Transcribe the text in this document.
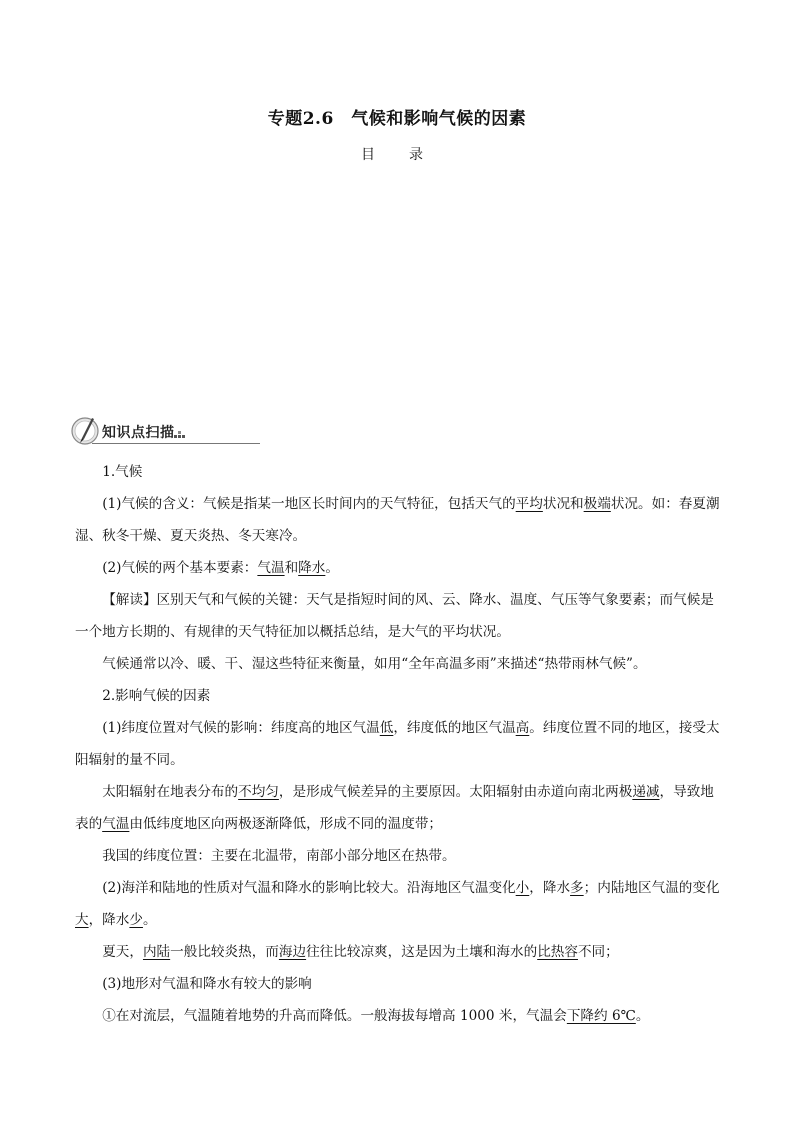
专题2.6　气候和影响气候的因素
目　录
知识点扫描

1.气候

(1)气候的含义：气候是指某一地区长时间内的天气特征，包括天气的平均状况和极端状况。如：春夏潮湿、秋冬干燥、夏天炎热、冬天寒冷。

(2)气候的两个基本要素：气温和降水。

【解读】区别天气和气候的关键：天气是指短时间的风、云、降水、温度、气压等气象要素；而气候是一个地方长期的、有规律的天气特征加以概括总结，是大气的平均状况。

气候通常以冷、暖、干、湿这些特征来衡量，如用“全年高温多雨”来描述“热带雨林气候”。

2.影响气候的因素

(1)纬度位置对气候的影响：纬度高的地区气温低，纬度低的地区气温高。纬度位置不同的地区，接受太阳辐射的量不同。

太阳辐射在地表分布的不均匀，是形成气候差异的主要原因。太阳辐射由赤道向南北两极递减，导致地表的气温由低纬度地区向两极逐渐降低，形成不同的温度带；

我国的纬度位置：主要在北温带，南部小部分地区在热带。

(2)海洋和陆地的性质对气温和降水的影响比较大。沿海地区气温变化小，降水多；内陆地区气温的变化大，降水少。

夏天，内陆一般比较炎热，而海边往往比较凉爽，这是因为土壤和海水的比热容不同；

(3)地形对气温和降水有较大的影响

①在对流层，气温随着地势的升高而降低。一般海拔每增高 1000 米，气温会下降约 6℃。
